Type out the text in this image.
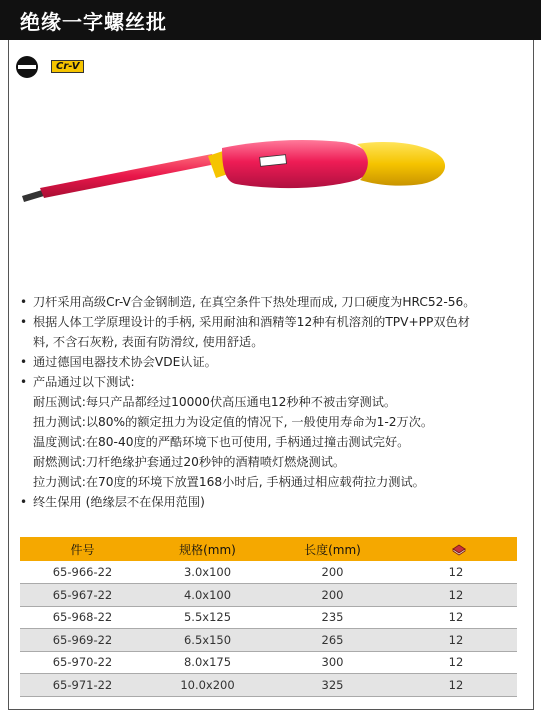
绝缘一字螺丝批
Cr-V
• 刀杆采用高级Cr-V合金钢制造, 在真空条件下热处理而成, 刀口硬度为HRC52-56。
• 根据人体工学原理设计的手柄, 采用耐油和酒精等12种有机溶剂的TPV+PP双色材
料, 不含石灰粉, 表面有防滑纹, 使用舒适。
• 通过德国电器技术协会VDE认证。
• 产品通过以下测试:
耐压测试:每只产品都经过10000伏高压通电12秒种不被击穿测试。
扭力测试:以80%的额定扭力为设定值的情况下, 一般使用寿命为1-2万次。
温度测试:在80-40度的严酷环境下也可使用, 手柄通过撞击测试完好。
耐燃测试:刀杆绝缘护套通过20秒钟的酒精喷灯燃烧测试。
拉力测试:在70度的环境下放置168小时后, 手柄通过相应载荷拉力测试。
• 终生保用 (绝缘层不在保用范围)
件号	规格(mm)	长度(mm)	
65-966-22	3.0x100	200	12
65-967-22	4.0x100	200	12
65-968-22	5.5x125	235	12
65-969-22	6.5x150	265	12
65-970-22	8.0x175	300	12
65-971-22	10.0x200	325	12
